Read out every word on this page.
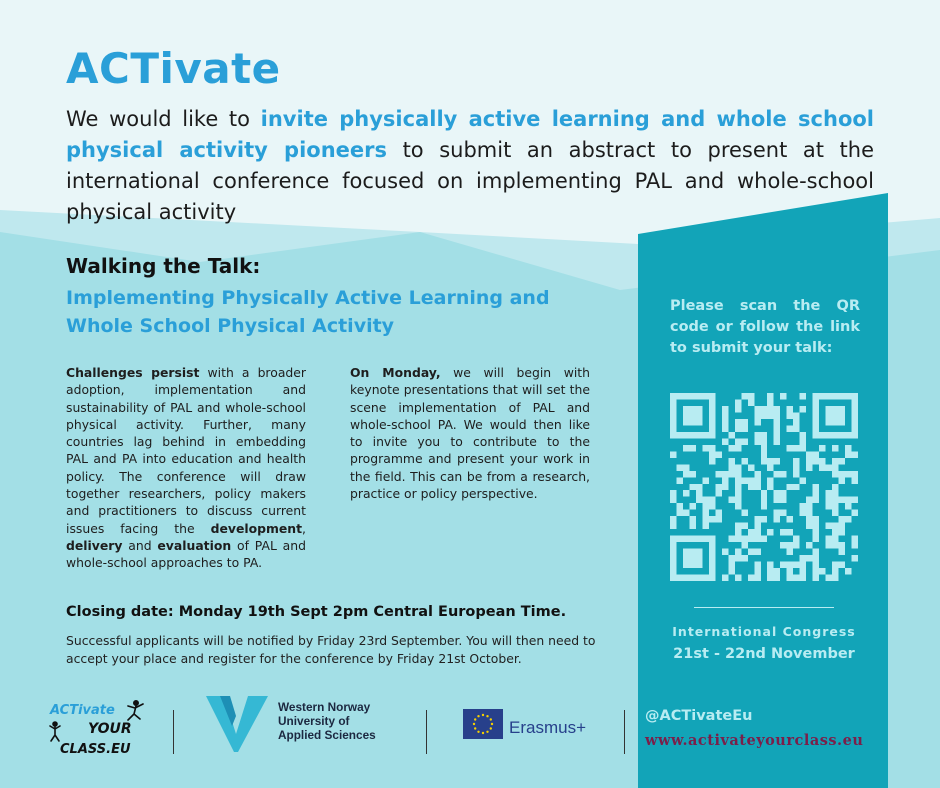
ACTivate
We would like to invite physically active learning and whole school physical activity pioneers to submit an abstract to present at the international conference focused on implementing PAL and whole-school physical activity
Walking the Talk:
Implementing Physically Active Learning and Whole School Physical Activity
Challenges persist with a broader adoption, implementation and sustainability of PAL and whole-school physical activity. Further, many countries lag behind in embedding PAL and PA into education and health policy. The conference will draw together researchers, policy makers and practitioners to discuss current issues facing the development, delivery and evaluation of PAL and whole-school approaches to PA.
On Monday, we will begin with keynote presentations that will set the scene implementation of PAL and whole-school PA. We would then like to invite you to contribute to the programme and present your work in the field. This can be from a research, practice or policy perspective.
Closing date: Monday 19th Sept 2pm Central European Time.
Successful applicants will be notified by Friday 23rd September. You will then need to accept your place and register for the conference by Friday 21st October.
Please scan the QR code or follow the link to submit your talk:
International Congress
21st - 22nd November
ACTivate
YOUR
CLASS.EU
Western Norway
University of
Applied Sciences	Erasmus+
@ACTivateEu
www.activateyourclass.eu
